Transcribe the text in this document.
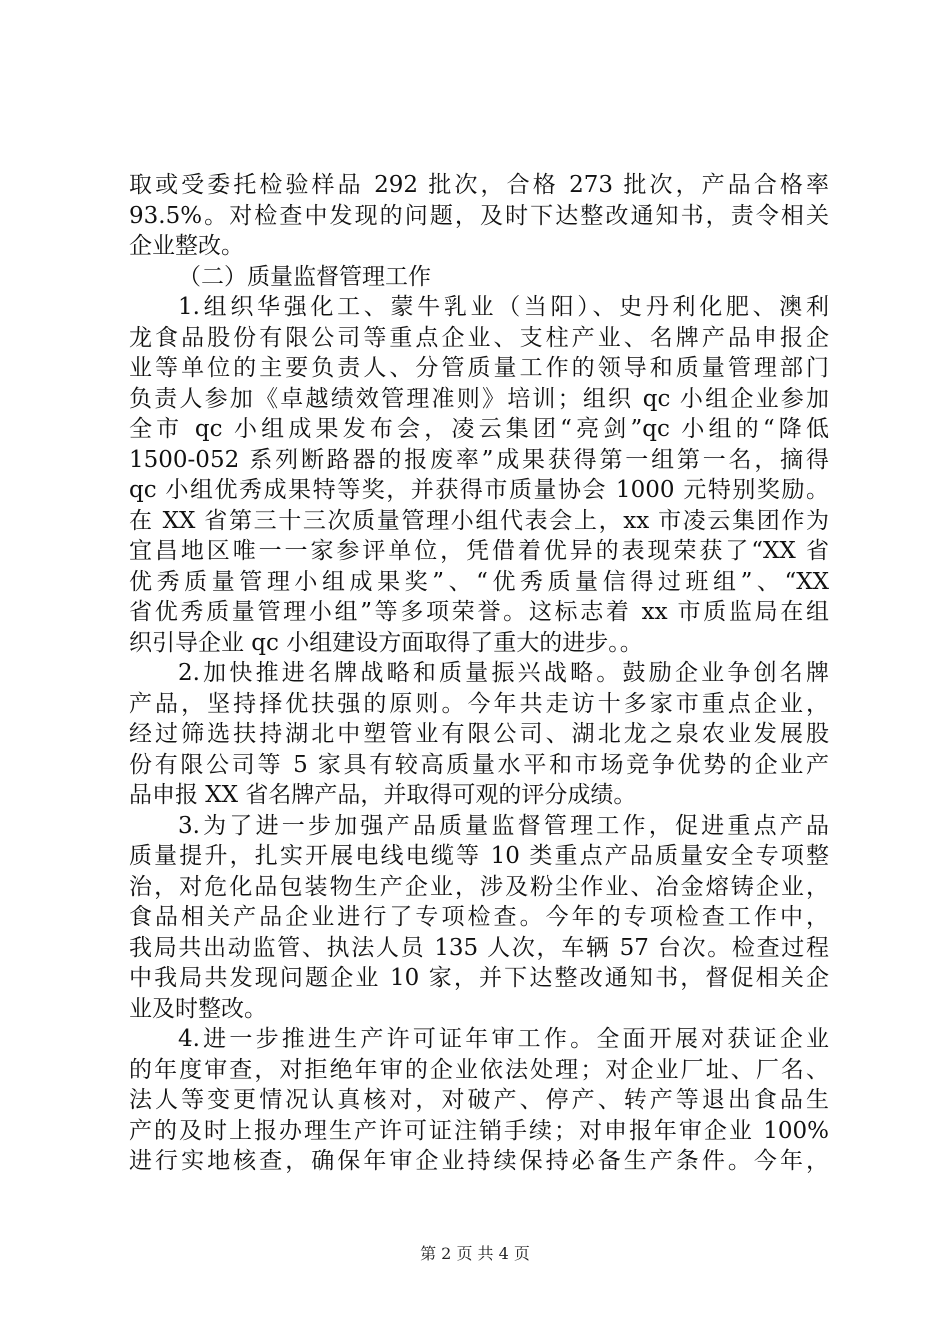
取或受委托检验样品 292 批次，合格 273 批次，产品合格率
93.5%。对检查中发现的问题，及时下达整改通知书，责令相关
企业整改。
（二）质量监督管理工作
1.组织华强化工、蒙牛乳业（当阳）、史丹利化肥、澳利
龙食品股份有限公司等重点企业、支柱产业、名牌产品申报企
业等单位的主要负责人、分管质量工作的领导和质量管理部门
负责人参加《卓越绩效管理准则》培训；组织 qc 小组企业参加
全市 qc 小组成果发布会，凌云集团“亮剑”qc 小组的“降低
1500-052 系列断路器的报废率”成果获得第一组第一名，摘得
qc 小组优秀成果特等奖，并获得市质量协会 1000 元特别奖励。
在 XX 省第三十三次质量管理小组代表会上，xx 市凌云集团作为
宜昌地区唯一一家参评单位，凭借着优异的表现荣获了“XX 省
优秀质量管理小组成果奖”、“优秀质量信得过班组”、“XX
省优秀质量管理小组”等多项荣誉。这标志着 xx 市质监局在组
织引导企业 qc 小组建设方面取得了重大的进步。。
2.加快推进名牌战略和质量振兴战略。鼓励企业争创名牌
产品，坚持择优扶强的原则。今年共走访十多家市重点企业，
经过筛选扶持湖北中塑管业有限公司、湖北龙之泉农业发展股
份有限公司等 5 家具有较高质量水平和市场竞争优势的企业产
品申报 XX 省名牌产品，并取得可观的评分成绩。
3.为了进一步加强产品质量监督管理工作，促进重点产品
质量提升，扎实开展电线电缆等 10 类重点产品质量安全专项整
治，对危化品包装物生产企业，涉及粉尘作业、冶金熔铸企业，
食品相关产品企业进行了专项检查。今年的专项检查工作中，
我局共出动监管、执法人员 135 人次，车辆 57 台次。检查过程
中我局共发现问题企业 10 家，并下达整改通知书，督促相关企
业及时整改。
4.进一步推进生产许可证年审工作。全面开展对获证企业
的年度审查，对拒绝年审的企业依法处理；对企业厂址、厂名、
法人等变更情况认真核对，对破产、停产、转产等退出食品生
产的及时上报办理生产许可证注销手续；对申报年审企业 100%
进行实地核查，确保年审企业持续保持必备生产条件。今年，
第 2 页 共 4 页
